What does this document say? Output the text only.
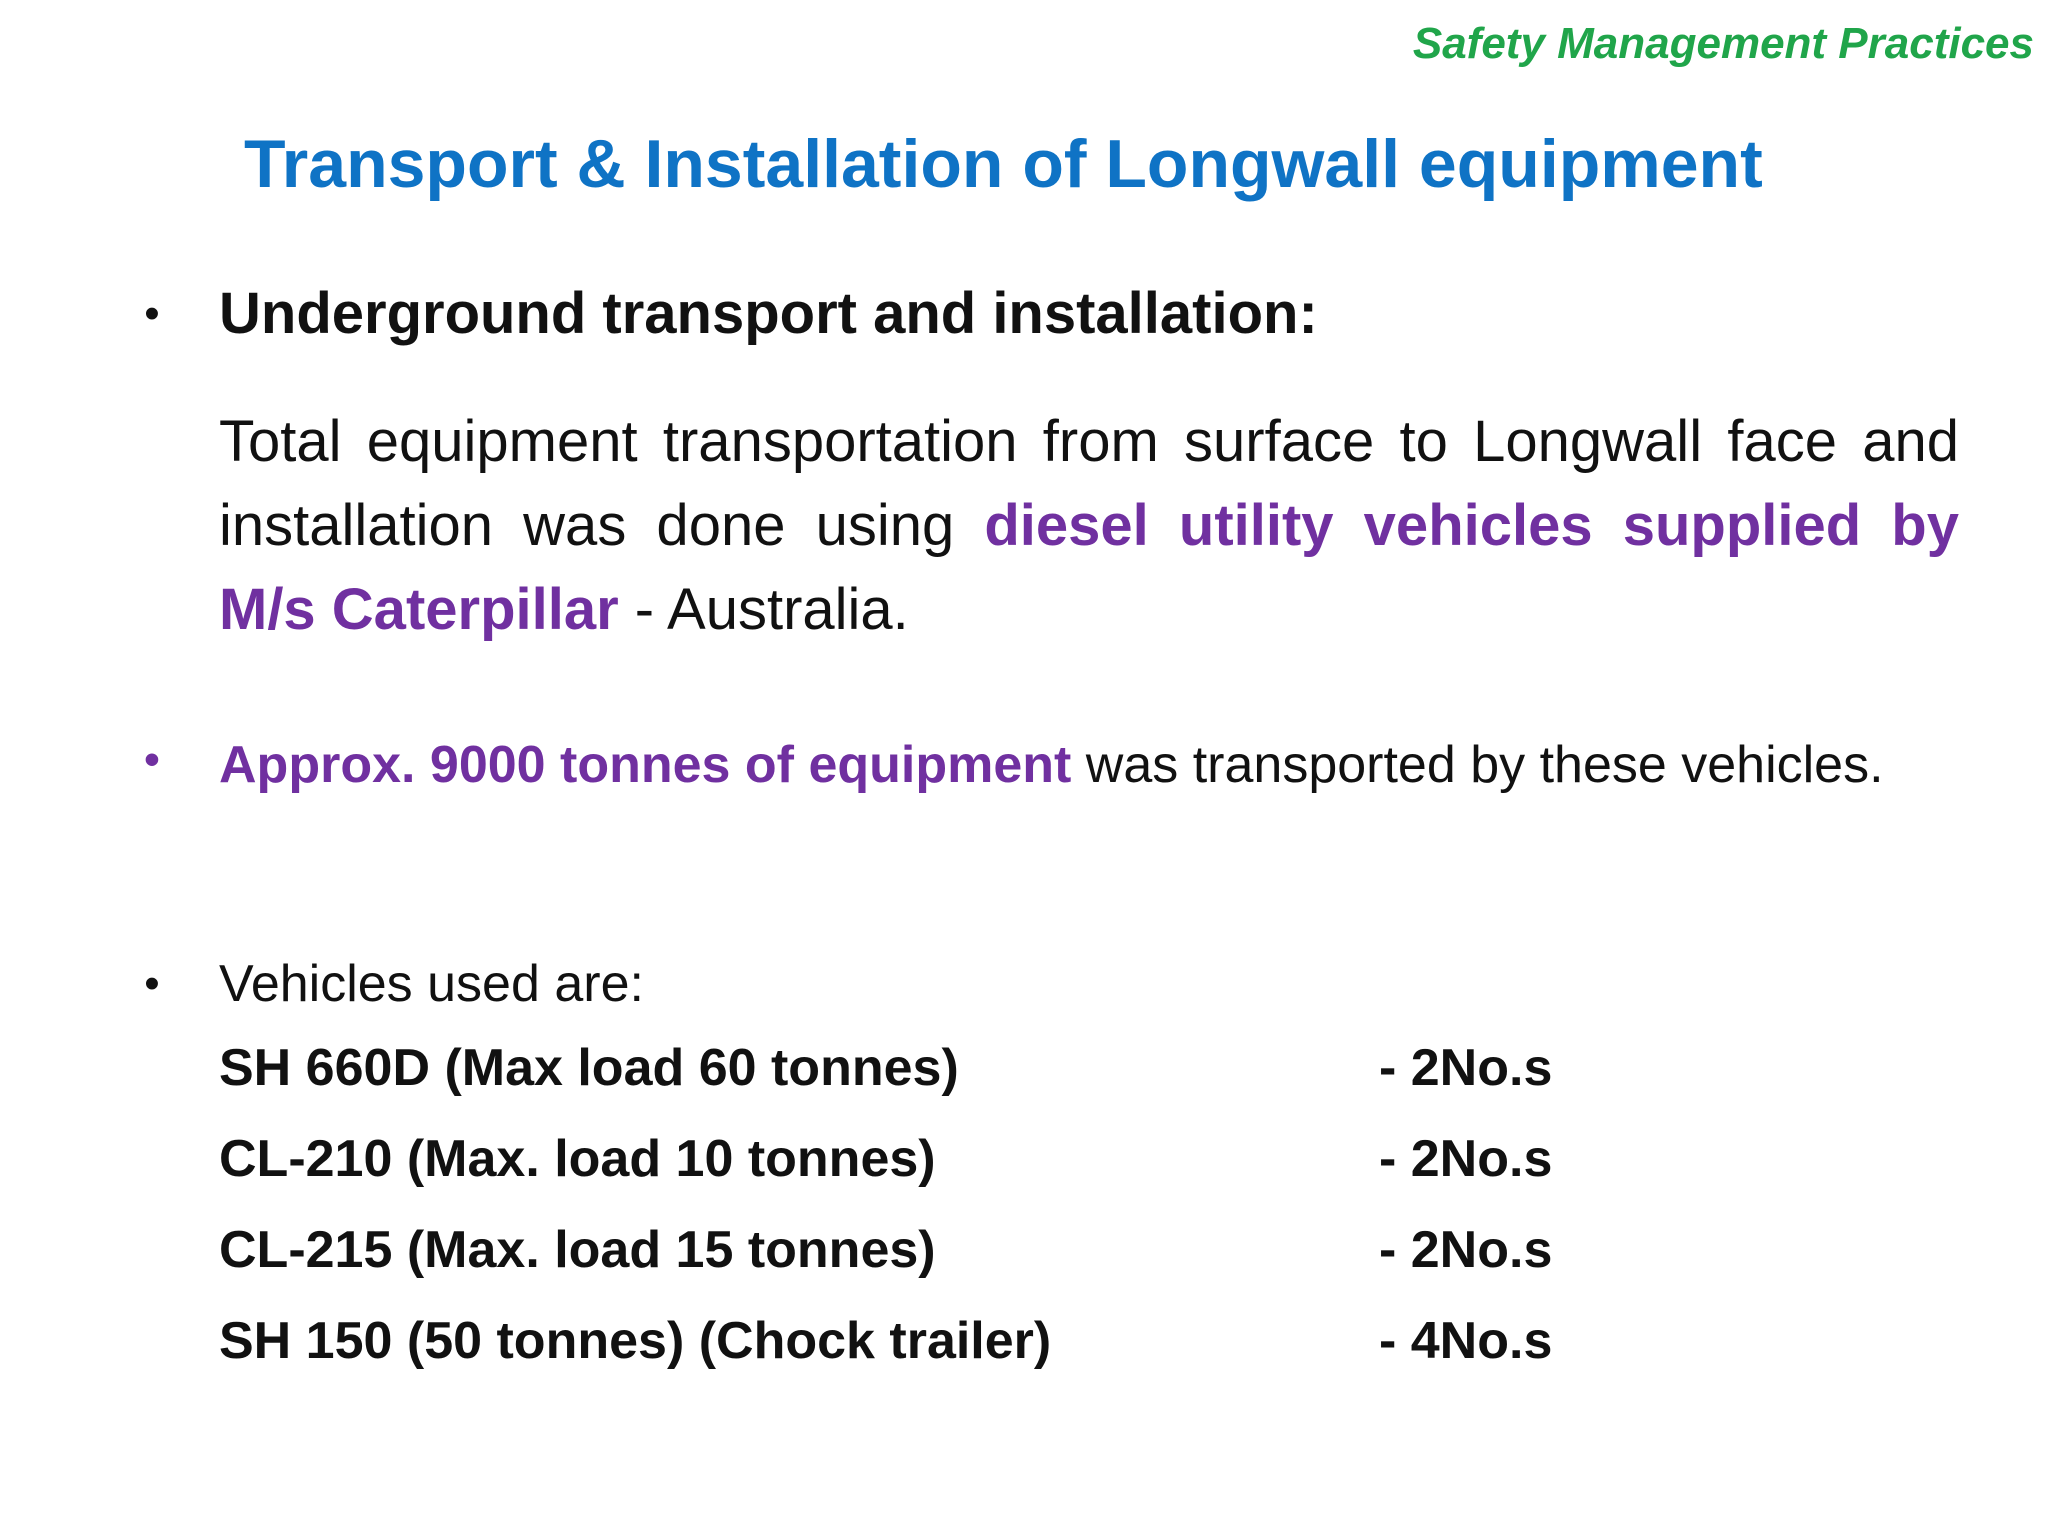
Safety Management Practices
Transport & Installation of Longwall equipment
• Underground transport and installation:

Total equipment transportation from surface to Longwall face and installation was done using diesel utility vehicles supplied by M/s Caterpillar - Australia.

• Approx. 9000 tonnes of equipment was transported by these vehicles.

• Vehicles used are:
SH 660D (Max load 60 tonnes)	- 2No.s
CL-210 (Max. load 10 tonnes)	- 2No.s
CL-215 (Max. load 15 tonnes)	- 2No.s
SH 150 (50 tonnes) (Chock trailer)	- 4No.s
